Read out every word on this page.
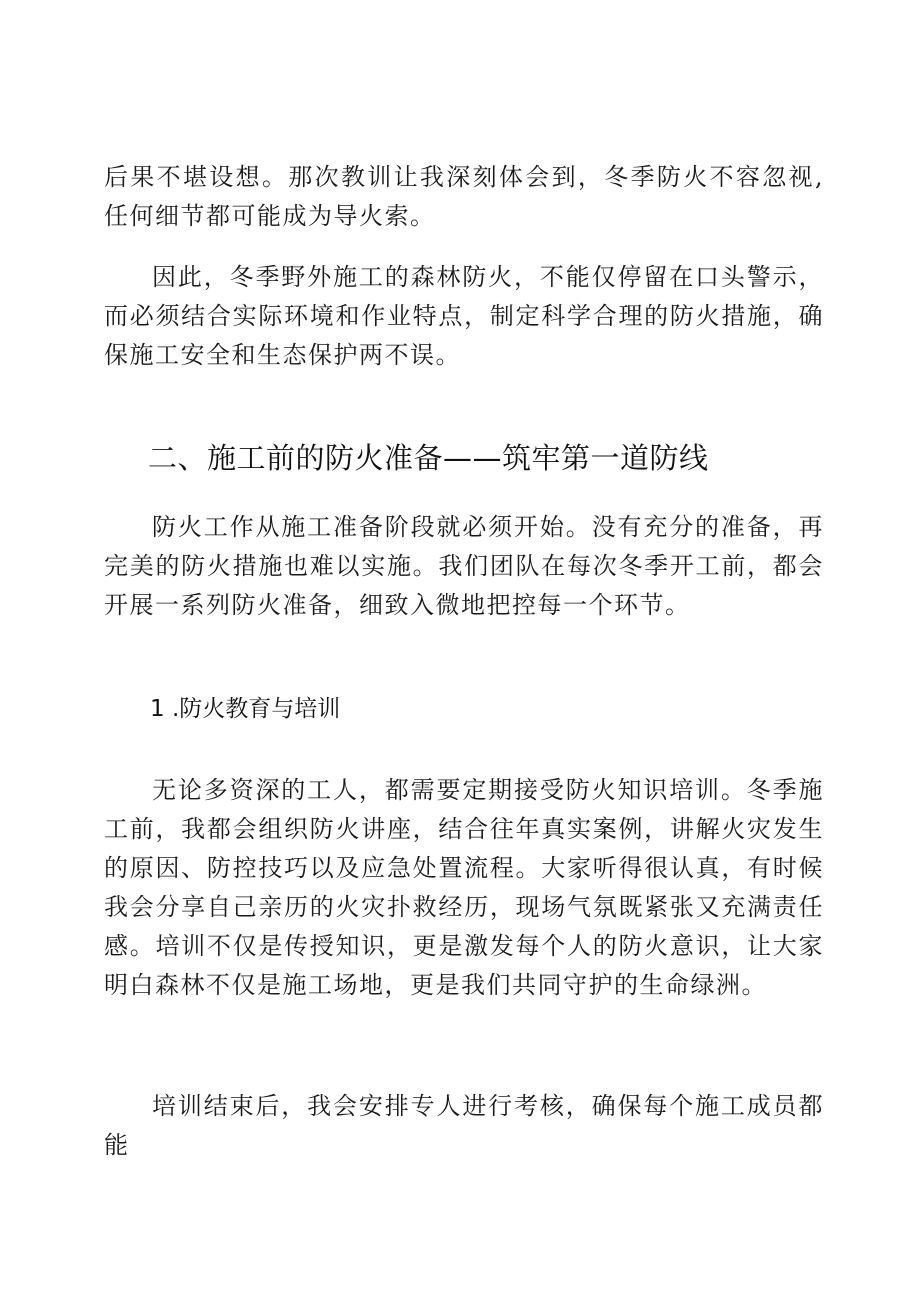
后果不堪设想。那次教训让我深刻体会到，冬季防火不容忽视,任何细节都可能成为导火索。

因此，冬季野外施工的森林防火，不能仅停留在口头警示，而必须结合实际环境和作业特点，制定科学合理的防火措施，确保施工安全和生态保护两不误。

二、施工前的防火准备——筑牢第一道防线

防火工作从施工准备阶段就必须开始。没有充分的准备，再完美的防火措施也难以实施。我们团队在每次冬季开工前，都会开展一系列防火准备，细致入微地把控每一个环节。

1 .防火教育与培训

无论多资深的工人，都需要定期接受防火知识培训。冬季施工前，我都会组织防火讲座，结合往年真实案例，讲解火灾发生的原因、防控技巧以及应急处置流程。大家听得很认真，有时候我会分享自己亲历的火灾扑救经历，现场气氛既紧张又充满责任感。培训不仅是传授知识，更是激发每个人的防火意识，让大家明白森林不仅是施工场地，更是我们共同守护的生命绿洲。

培训结束后，我会安排专人进行考核，确保每个施工成员都能
